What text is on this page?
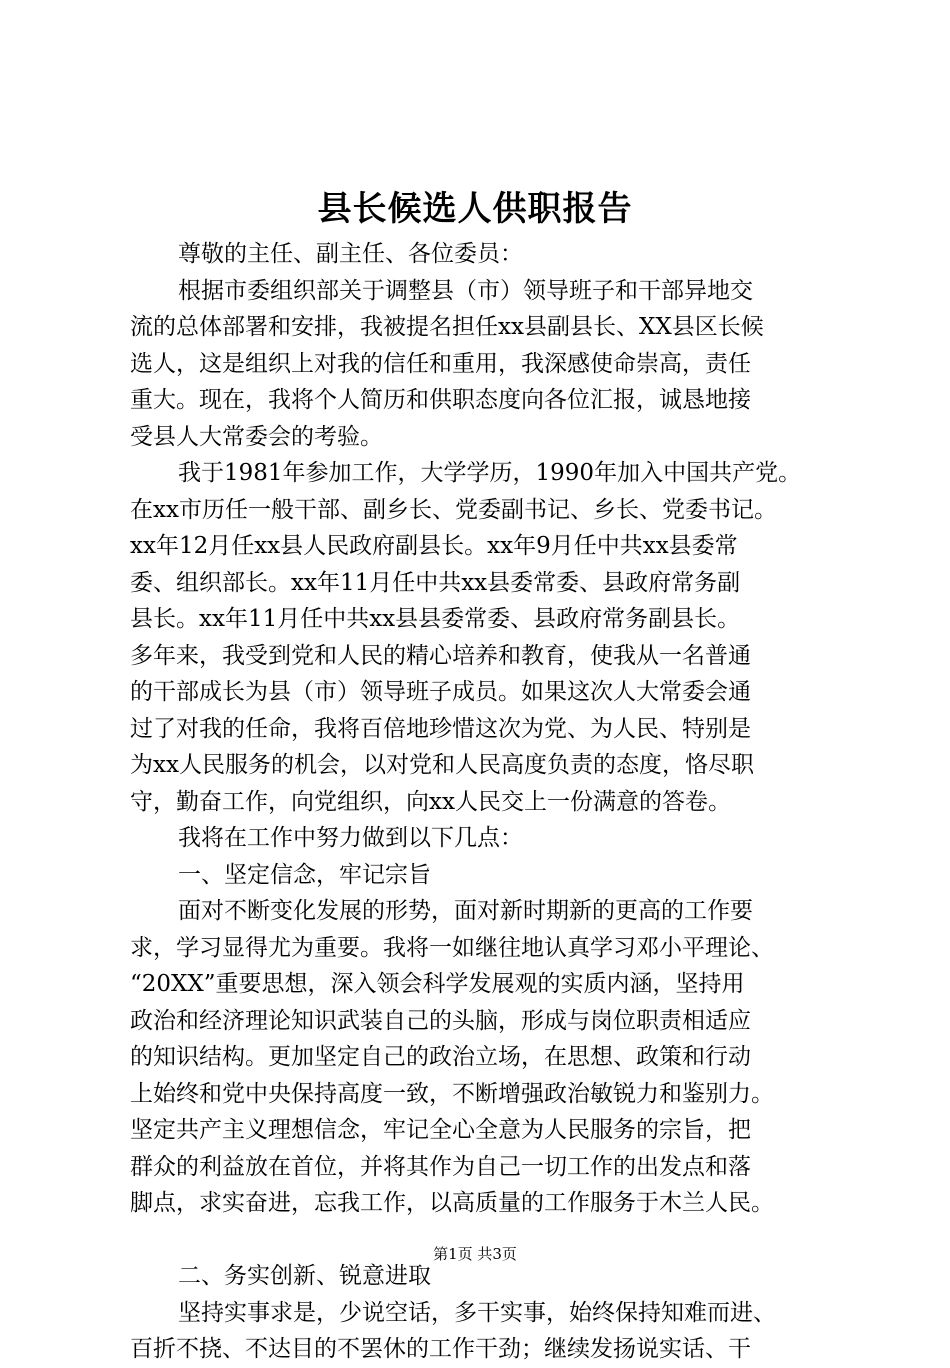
县长候选人供职报告
尊敬的主任、副主任、各位委员：
根据市委组织部关于调整县（市）领导班子和干部异地交
流的总体部署和安排，我被提名担任xx县副县长、XX县区长候
选人，这是组织上对我的信任和重用，我深感使命崇高，责任
重大。现在，我将个人简历和供职态度向各位汇报，诚恳地接
受县人大常委会的考验。
我于1981年参加工作，大学学历，1990年加入中国共产党。
在xx市历任一般干部、副乡长、党委副书记、乡长、党委书记。
xx年12月任xx县人民政府副县长。xx年9月任中共xx县委常
委、组织部长。xx年11月任中共xx县委常委、县政府常务副
县长。xx年11月任中共xx县县委常委、县政府常务副县长。
多年来，我受到党和人民的精心培养和教育，使我从一名普通
的干部成长为县（市）领导班子成员。如果这次人大常委会通
过了对我的任命，我将百倍地珍惜这次为党、为人民、特别是
为xx人民服务的机会，以对党和人民高度负责的态度，恪尽职
守，勤奋工作，向党组织，向xx人民交上一份满意的答卷。
我将在工作中努力做到以下几点：
一、坚定信念，牢记宗旨
面对不断变化发展的形势，面对新时期新的更高的工作要
求，学习显得尤为重要。我将一如继往地认真学习邓小平理论、
“20XX”重要思想，深入领会科学发展观的实质内涵，坚持用
政治和经济理论知识武装自己的头脑，形成与岗位职责相适应
的知识结构。更加坚定自己的政治立场，在思想、政策和行动
上始终和党中央保持高度一致，不断增强政治敏锐力和鉴别力。
坚定共产主义理想信念，牢记全心全意为人民服务的宗旨，把
群众的利益放在首位，并将其作为自己一切工作的出发点和落
脚点，求实奋进，忘我工作，以高质量的工作服务于木兰人民。
二、务实创新、锐意进取
坚持实事求是，少说空话，多干实事，始终保持知难而进、
百折不挠、不达目的不罢休的工作干劲；继续发扬说实话、干
第1页 共3页
